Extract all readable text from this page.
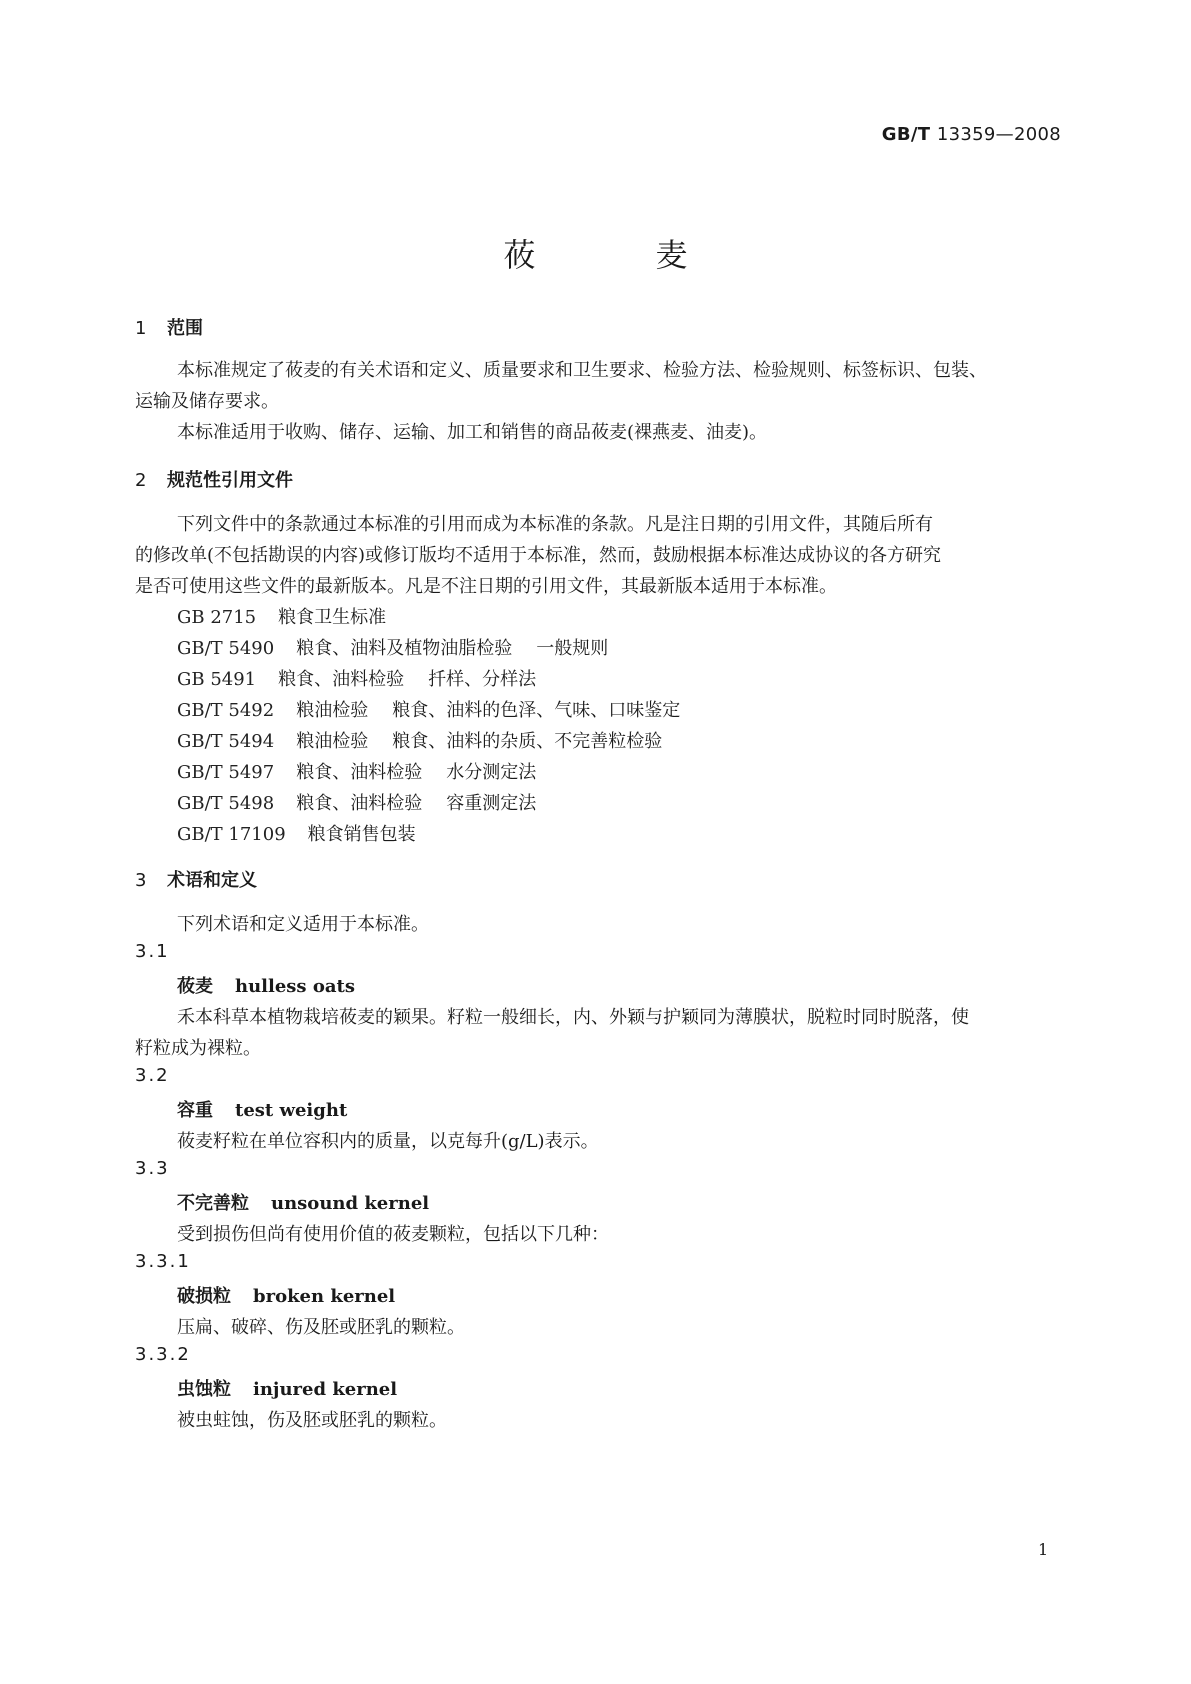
GB/T 13359—2008
莜麦
1 范围
本标准规定了莜麦的有关术语和定义、质量要求和卫生要求、检验方法、检验规则、标签标识、包装、
运输及储存要求。
本标准适用于收购、储存、运输、加工和销售的商品莜麦(裸燕麦、油麦)。
2 规范性引用文件
下列文件中的条款通过本标准的引用而成为本标准的条款。凡是注日期的引用文件，其随后所有
的修改单(不包括勘误的内容)或修订版均不适用于本标准，然而，鼓励根据本标准达成协议的各方研究
是否可使用这些文件的最新版本。凡是不注日期的引用文件，其最新版本适用于本标准。
GB 2715 粮食卫生标准
GB/T 5490 粮食、油料及植物油脂检验 一般规则
GB 5491 粮食、油料检验 扦样、分样法
GB/T 5492 粮油检验 粮食、油料的色泽、气味、口味鉴定
GB/T 5494 粮油检验 粮食、油料的杂质、不完善粒检验
GB/T 5497 粮食、油料检验 水分测定法
GB/T 5498 粮食、油料检验 容重测定法
GB/T 17109 粮食销售包装
3 术语和定义
下列术语和定义适用于本标准。
3.1
莜麦 hulless oats
禾本科草本植物栽培莜麦的颖果。籽粒一般细长，内、外颖与护颖同为薄膜状，脱粒时同时脱落，使
籽粒成为裸粒。
3.2
容重 test weight
莜麦籽粒在单位容积内的质量，以克每升(g/L)表示。
3.3
不完善粒 unsound kernel
受到损伤但尚有使用价值的莜麦颗粒，包括以下几种：
3.3.1
破损粒 broken kernel
压扁、破碎、伤及胚或胚乳的颗粒。
3.3.2
虫蚀粒 injured kernel
被虫蛀蚀，伤及胚或胚乳的颗粒。
1
